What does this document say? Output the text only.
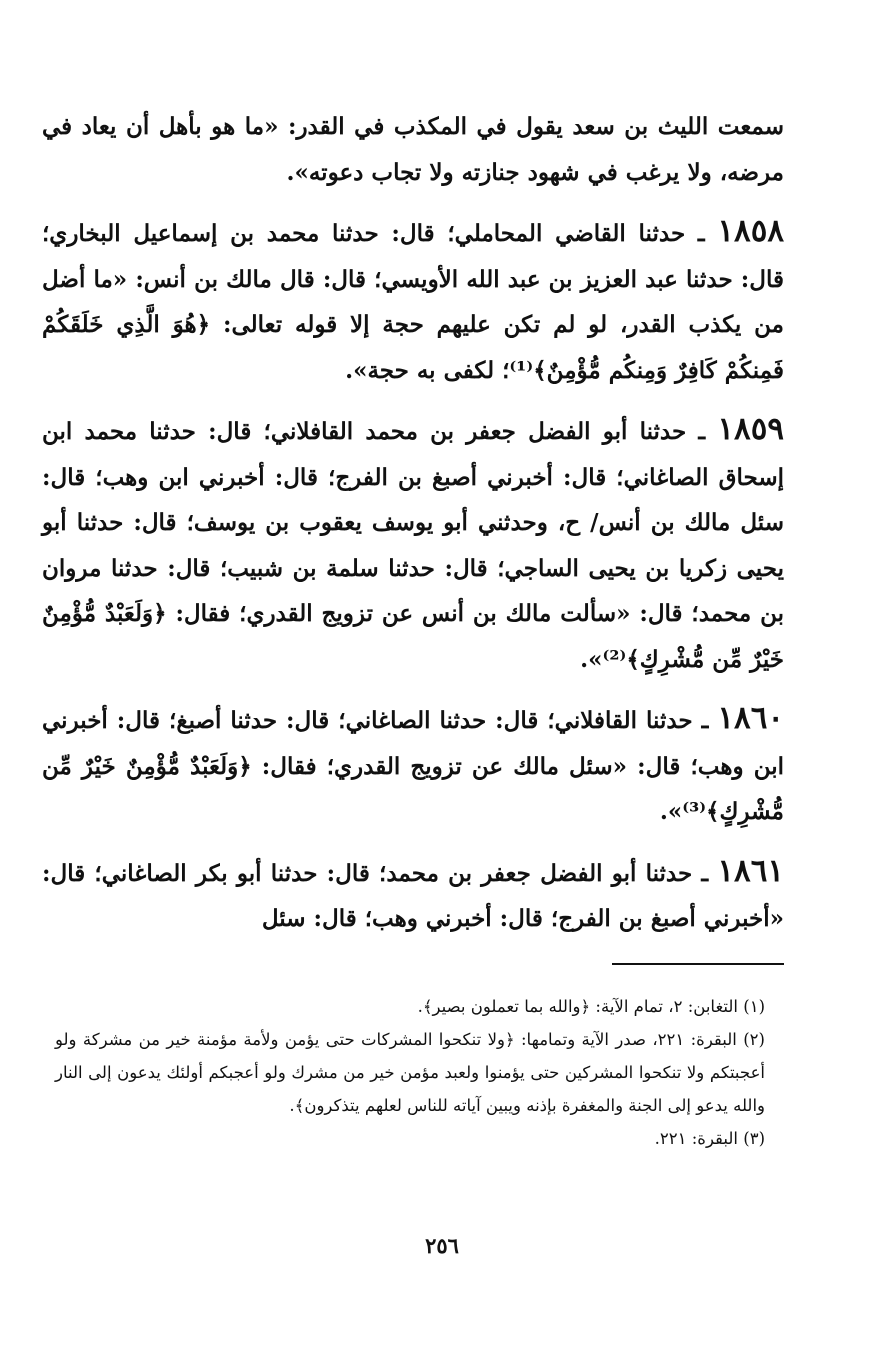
سمعت الليث بن سعد يقول في المكذب في القدر: «ما هو بأهل أن يعاد في مرضه، ولا يرغب في شهود جنازته ولا تجاب دعوته».

١٨٥٨ ـ حدثنا القاضي المحاملي؛ قال: حدثنا محمد بن إسماعيل البخاري؛ قال: حدثنا عبد العزيز بن عبد الله الأويسي؛ قال: قال مالك بن أنس: «ما أضل من يكذب القدر، لو لم تكن عليهم حجة إلا قوله تعالى: ﴿هُوَ الَّذِي خَلَقَكُمْ فَمِنكُمْ كَافِرٌ وَمِنكُم مُّؤْمِنٌ﴾⁽¹⁾؛ لكفى به حجة».

١٨٥٩ ـ حدثنا أبو الفضل جعفر بن محمد القافلاني؛ قال: حدثنا محمد ابن إسحاق الصاغاني؛ قال: أخبرني أصبغ بن الفرج؛ قال: أخبرني ابن وهب؛ قال: سئل مالك بن أنس/ ح، وحدثني أبو يوسف يعقوب بن يوسف؛ قال: حدثنا أبو يحيى زكريا بن يحيى الساجي؛ قال: حدثنا سلمة بن شبيب؛ قال: حدثنا مروان بن محمد؛ قال: «سألت مالك بن أنس عن تزويج القدري؛ فقال: ﴿وَلَعَبْدٌ مُّؤْمِنٌ خَيْرٌ مِّن مُّشْرِكٍ﴾⁽²⁾».

١٨٦٠ ـ حدثنا القافلاني؛ قال: حدثنا الصاغاني؛ قال: حدثنا أصبغ؛ قال: أخبرني ابن وهب؛ قال: «سئل مالك عن تزويج القدري؛ فقال: ﴿وَلَعَبْدٌ مُّؤْمِنٌ خَيْرٌ مِّن مُّشْرِكٍ﴾⁽³⁾».

١٨٦١ ـ حدثنا أبو الفضل جعفر بن محمد؛ قال: حدثنا أبو بكر الصاغاني؛ قال: «أخبرني أصبغ بن الفرج؛ قال: أخبرني وهب؛ قال: سئل

(١) التغابن: ٢، تمام الآية: ﴿والله بما تعملون بصير﴾.

(٢) البقرة: ٢٢١، صدر الآية وتمامها: ﴿ولا تنكحوا المشركات حتى يؤمن ولأمة مؤمنة خير من مشركة ولو أعجبتكم ولا تنكحوا المشركين حتى يؤمنوا ولعبد مؤمن خير من مشرك ولو أعجبكم أولئك يدعون إلى النار والله يدعو إلى الجنة والمغفرة بإذنه ويبين آياته للناس لعلهم يتذكرون﴾.

(٣) البقرة: ٢٢١.

٢٥٦
